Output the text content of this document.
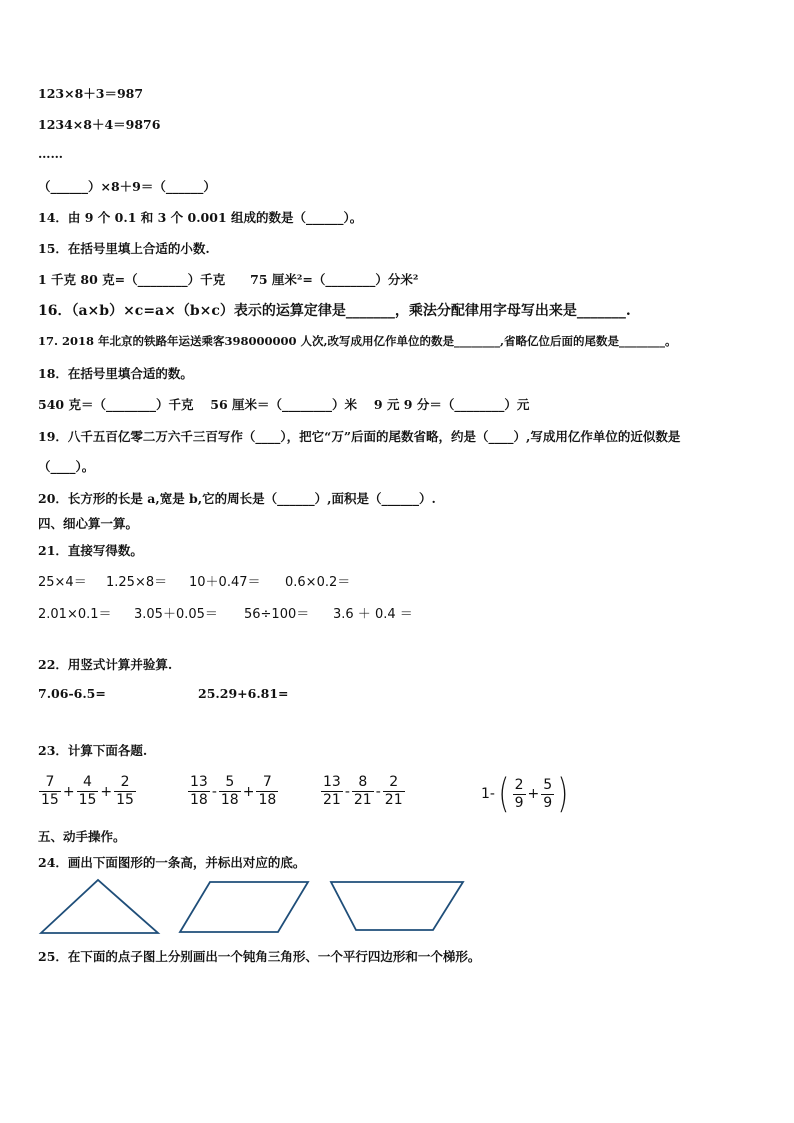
123×8＋3＝987
1234×8＋4＝9876
……
（______）×8＋9＝（______）
14．由 9 个 0.1 和 3 个 0.001 组成的数是（______）。
15．在括号里填上合适的小数.
1 千克 80 克=（________）千克　　75 厘米²=（________）分米²
16．（a×b）×c=a×（b×c）表示的运算定律是_______，乘法分配律用字母写出来是_______.
17. 2018 年北京的铁路年运送乘客398000000 人次,改写成用亿作单位的数是________,省略亿位后面的尾数是________。
18．在括号里填合适的数。
540 克＝（________）千克　 56 厘米＝（________）米　 9 元 9 分＝（________）元
19．八千五百亿零二万六千三百写作（____），把它“万”后面的尾数省略，约是（____）,写成用亿作单位的近似数是
（____）。
20．长方形的长是 a,宽是 b,它的周长是（______）,面积是（______）.
四、细心算一算。
21．直接写得数。
25×4＝ 1.25×8＝ 10＋0.47＝ 0.6×0.2＝
2.01×0.1＝ 3.05＋0.05＝ 56÷100＝ 3.6 ＋ 0.4 ＝
22．用竖式计算并验算.
7.06-6.5=	25.29+6.81=
23．计算下面各题.
$\frac{7}{15} + \frac{4}{15} + \frac{2}{15}$	$\frac{13}{18} - \frac{5}{18} + \frac{7}{18}$	$\frac{13}{21} - \frac{8}{21} - \frac{2}{21}$	1- ( $\frac{2}{9} + \frac{5}{9}$ )
五、动手操作。
24．画出下面图形的一条高，并标出对应的底。
25．在下面的点子图上分别画出一个钝角三角形、一个平行四边形和一个梯形。
